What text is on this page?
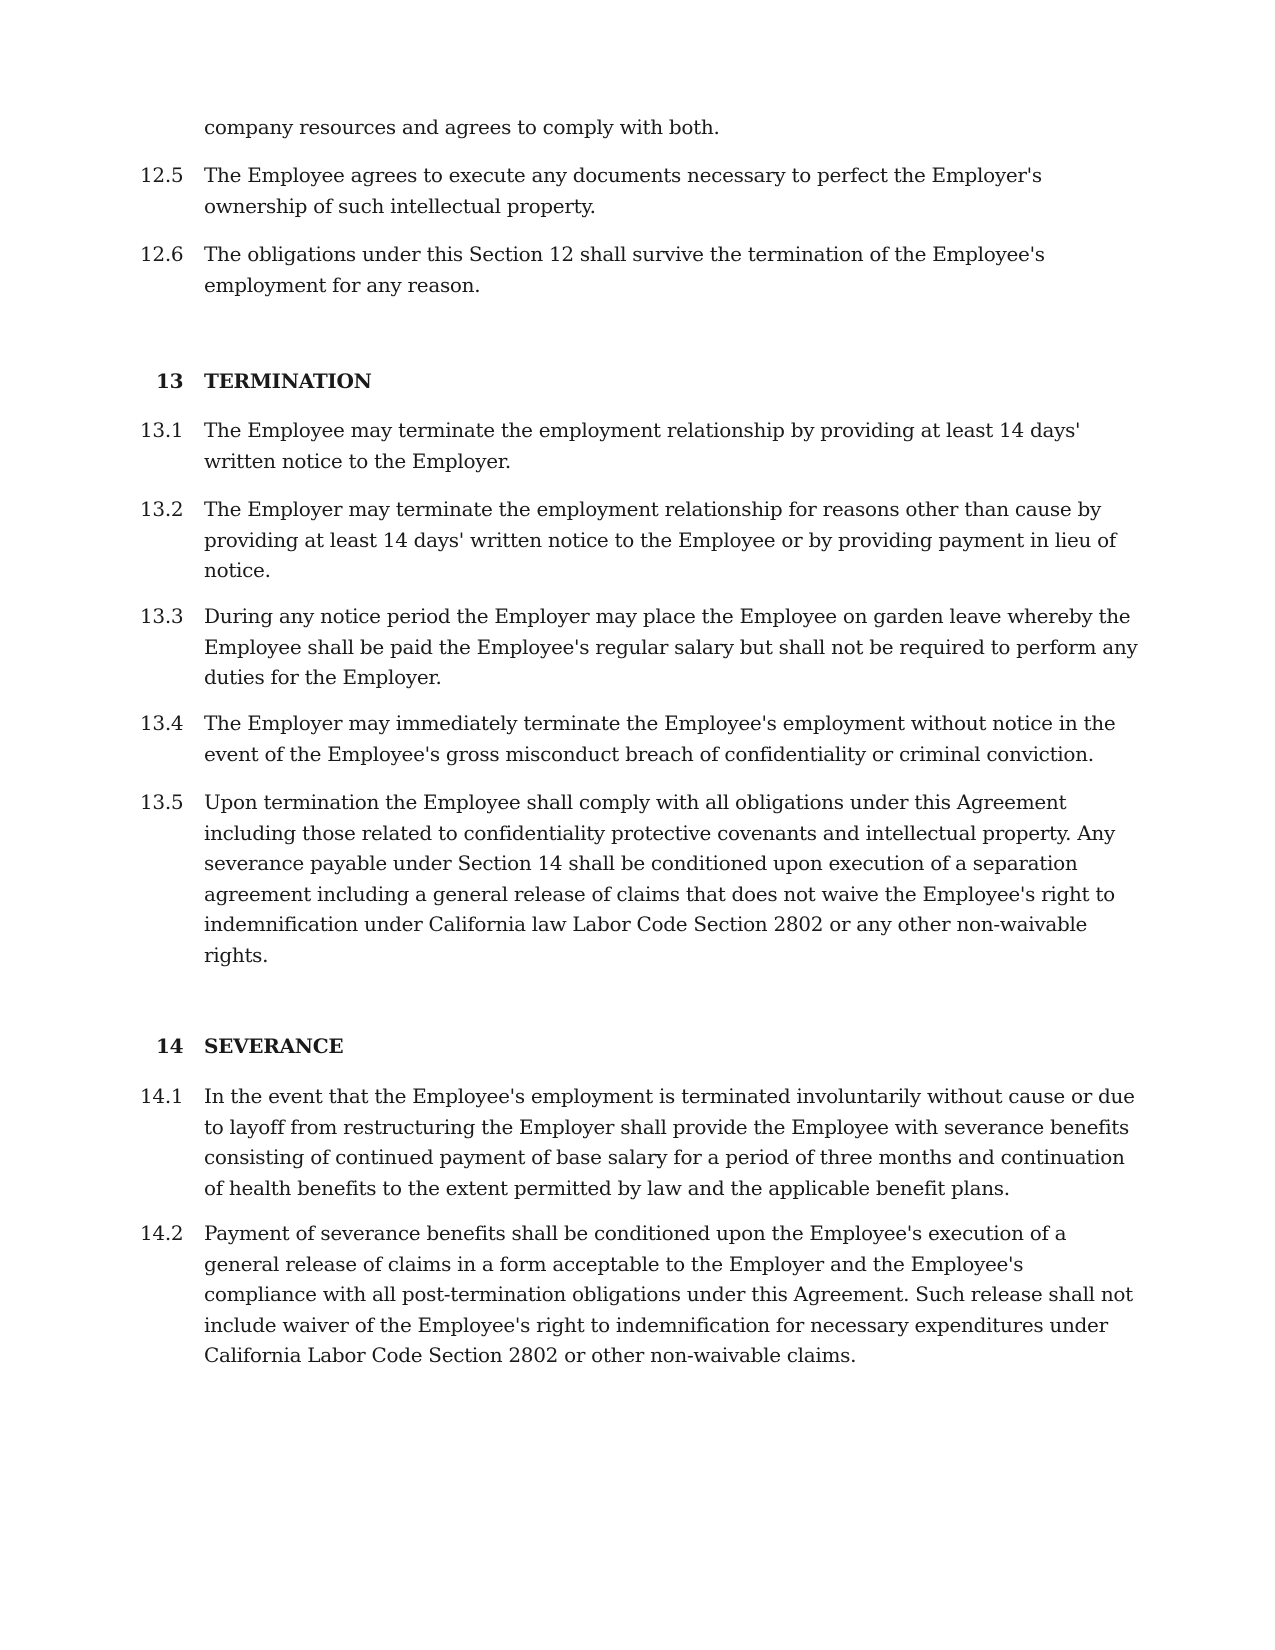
company resources and agrees to comply with both.
12.5	The Employee agrees to execute any documents necessary to perfect the Employer's ownership of such intellectual property.
12.6	The obligations under this Section 12 shall survive the termination of the Employee's employment for any reason.
13	TERMINATION
13.1	The Employee may terminate the employment relationship by providing at least 14 days' written notice to the Employer.
13.2	The Employer may terminate the employment relationship for reasons other than cause by providing at least 14 days' written notice to the Employee or by providing payment in lieu of notice.
13.3	During any notice period the Employer may place the Employee on garden leave whereby the Employee shall be paid the Employee's regular salary but shall not be required to perform any duties for the Employer.
13.4	The Employer may immediately terminate the Employee's employment without notice in the event of the Employee's gross misconduct breach of confidentiality or criminal conviction.
13.5	Upon termination the Employee shall comply with all obligations under this Agreement including those related to confidentiality protective covenants and intellectual property. Any severance payable under Section 14 shall be conditioned upon execution of a separation agreement including a general release of claims that does not waive the Employee's right to indemnification under California law Labor Code Section 2802 or any other non-waivable rights.
14	SEVERANCE
14.1	In the event that the Employee's employment is terminated involuntarily without cause or due to layoff from restructuring the Employer shall provide the Employee with severance benefits consisting of continued payment of base salary for a period of three months and continuation of health benefits to the extent permitted by law and the applicable benefit plans.
14.2	Payment of severance benefits shall be conditioned upon the Employee's execution of a general release of claims in a form acceptable to the Employer and the Employee's compliance with all post-termination obligations under this Agreement. Such release shall not include waiver of the Employee's right to indemnification for necessary expenditures under California Labor Code Section 2802 or other non-waivable claims.
